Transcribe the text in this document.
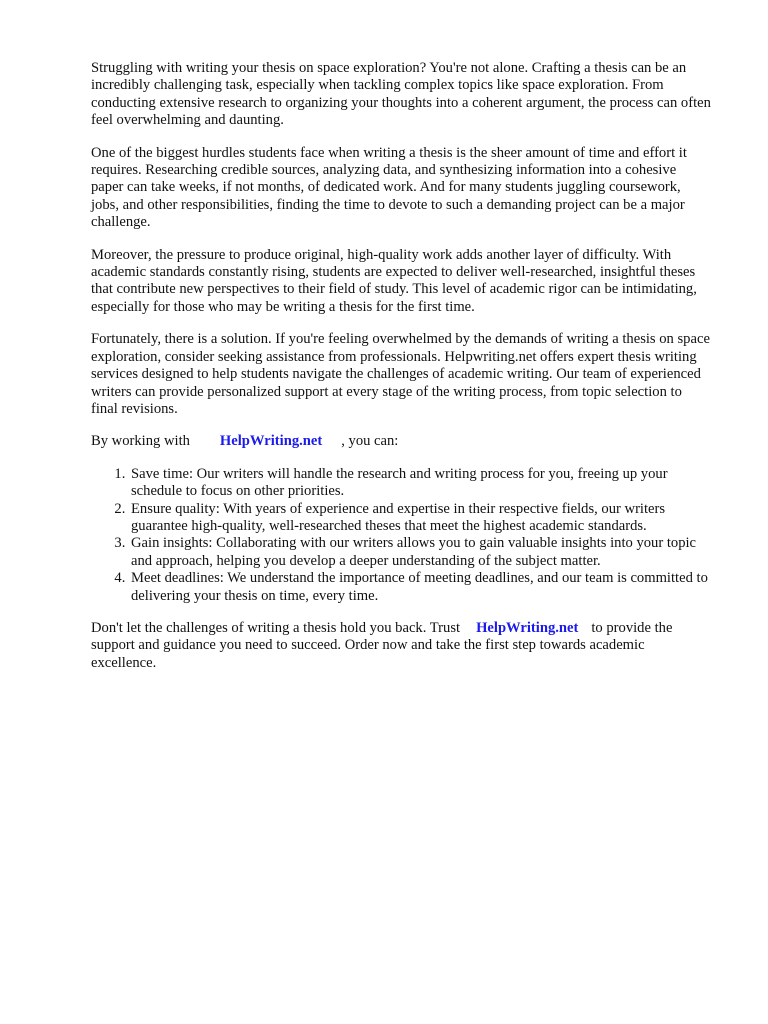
Struggling with writing your thesis on space exploration? You're not alone. Crafting a thesis can be an incredibly challenging task, especially when tackling complex topics like space exploration. From conducting extensive research to organizing your thoughts into a coherent argument, the process can often feel overwhelming and daunting.

One of the biggest hurdles students face when writing a thesis is the sheer amount of time and effort it requires. Researching credible sources, analyzing data, and synthesizing information into a cohesive paper can take weeks, if not months, of dedicated work. And for many students juggling coursework, jobs, and other responsibilities, finding the time to devote to such a demanding project can be a major challenge.

Moreover, the pressure to produce original, high-quality work adds another layer of difficulty. With academic standards constantly rising, students are expected to deliver well-researched, insightful theses that contribute new perspectives to their field of study. This level of academic rigor can be intimidating, especially for those who may be writing a thesis for the first time.

Fortunately, there is a solution. If you're feeling overwhelmed by the demands of writing a thesis on space exploration, consider seeking assistance from professionals. Helpwriting.net offers expert thesis writing services designed to help students navigate the challenges of academic writing. Our team of experienced writers can provide personalized support at every stage of the writing process, from topic selection to final revisions.

By working with HelpWriting.net , you can:

1. Save time: Our writers will handle the research and writing process for you, freeing up your schedule to focus on other priorities.
2. Ensure quality: With years of experience and expertise in their respective fields, our writers guarantee high-quality, well-researched theses that meet the highest academic standards.
3. Gain insights: Collaborating with our writers allows you to gain valuable insights into your topic and approach, helping you develop a deeper understanding of the subject matter.
4. Meet deadlines: We understand the importance of meeting deadlines, and our team is committed to delivering your thesis on time, every time.

Don't let the challenges of writing a thesis hold you back. Trust HelpWriting.net to provide the support and guidance you need to succeed. Order now and take the first step towards academic excellence.
